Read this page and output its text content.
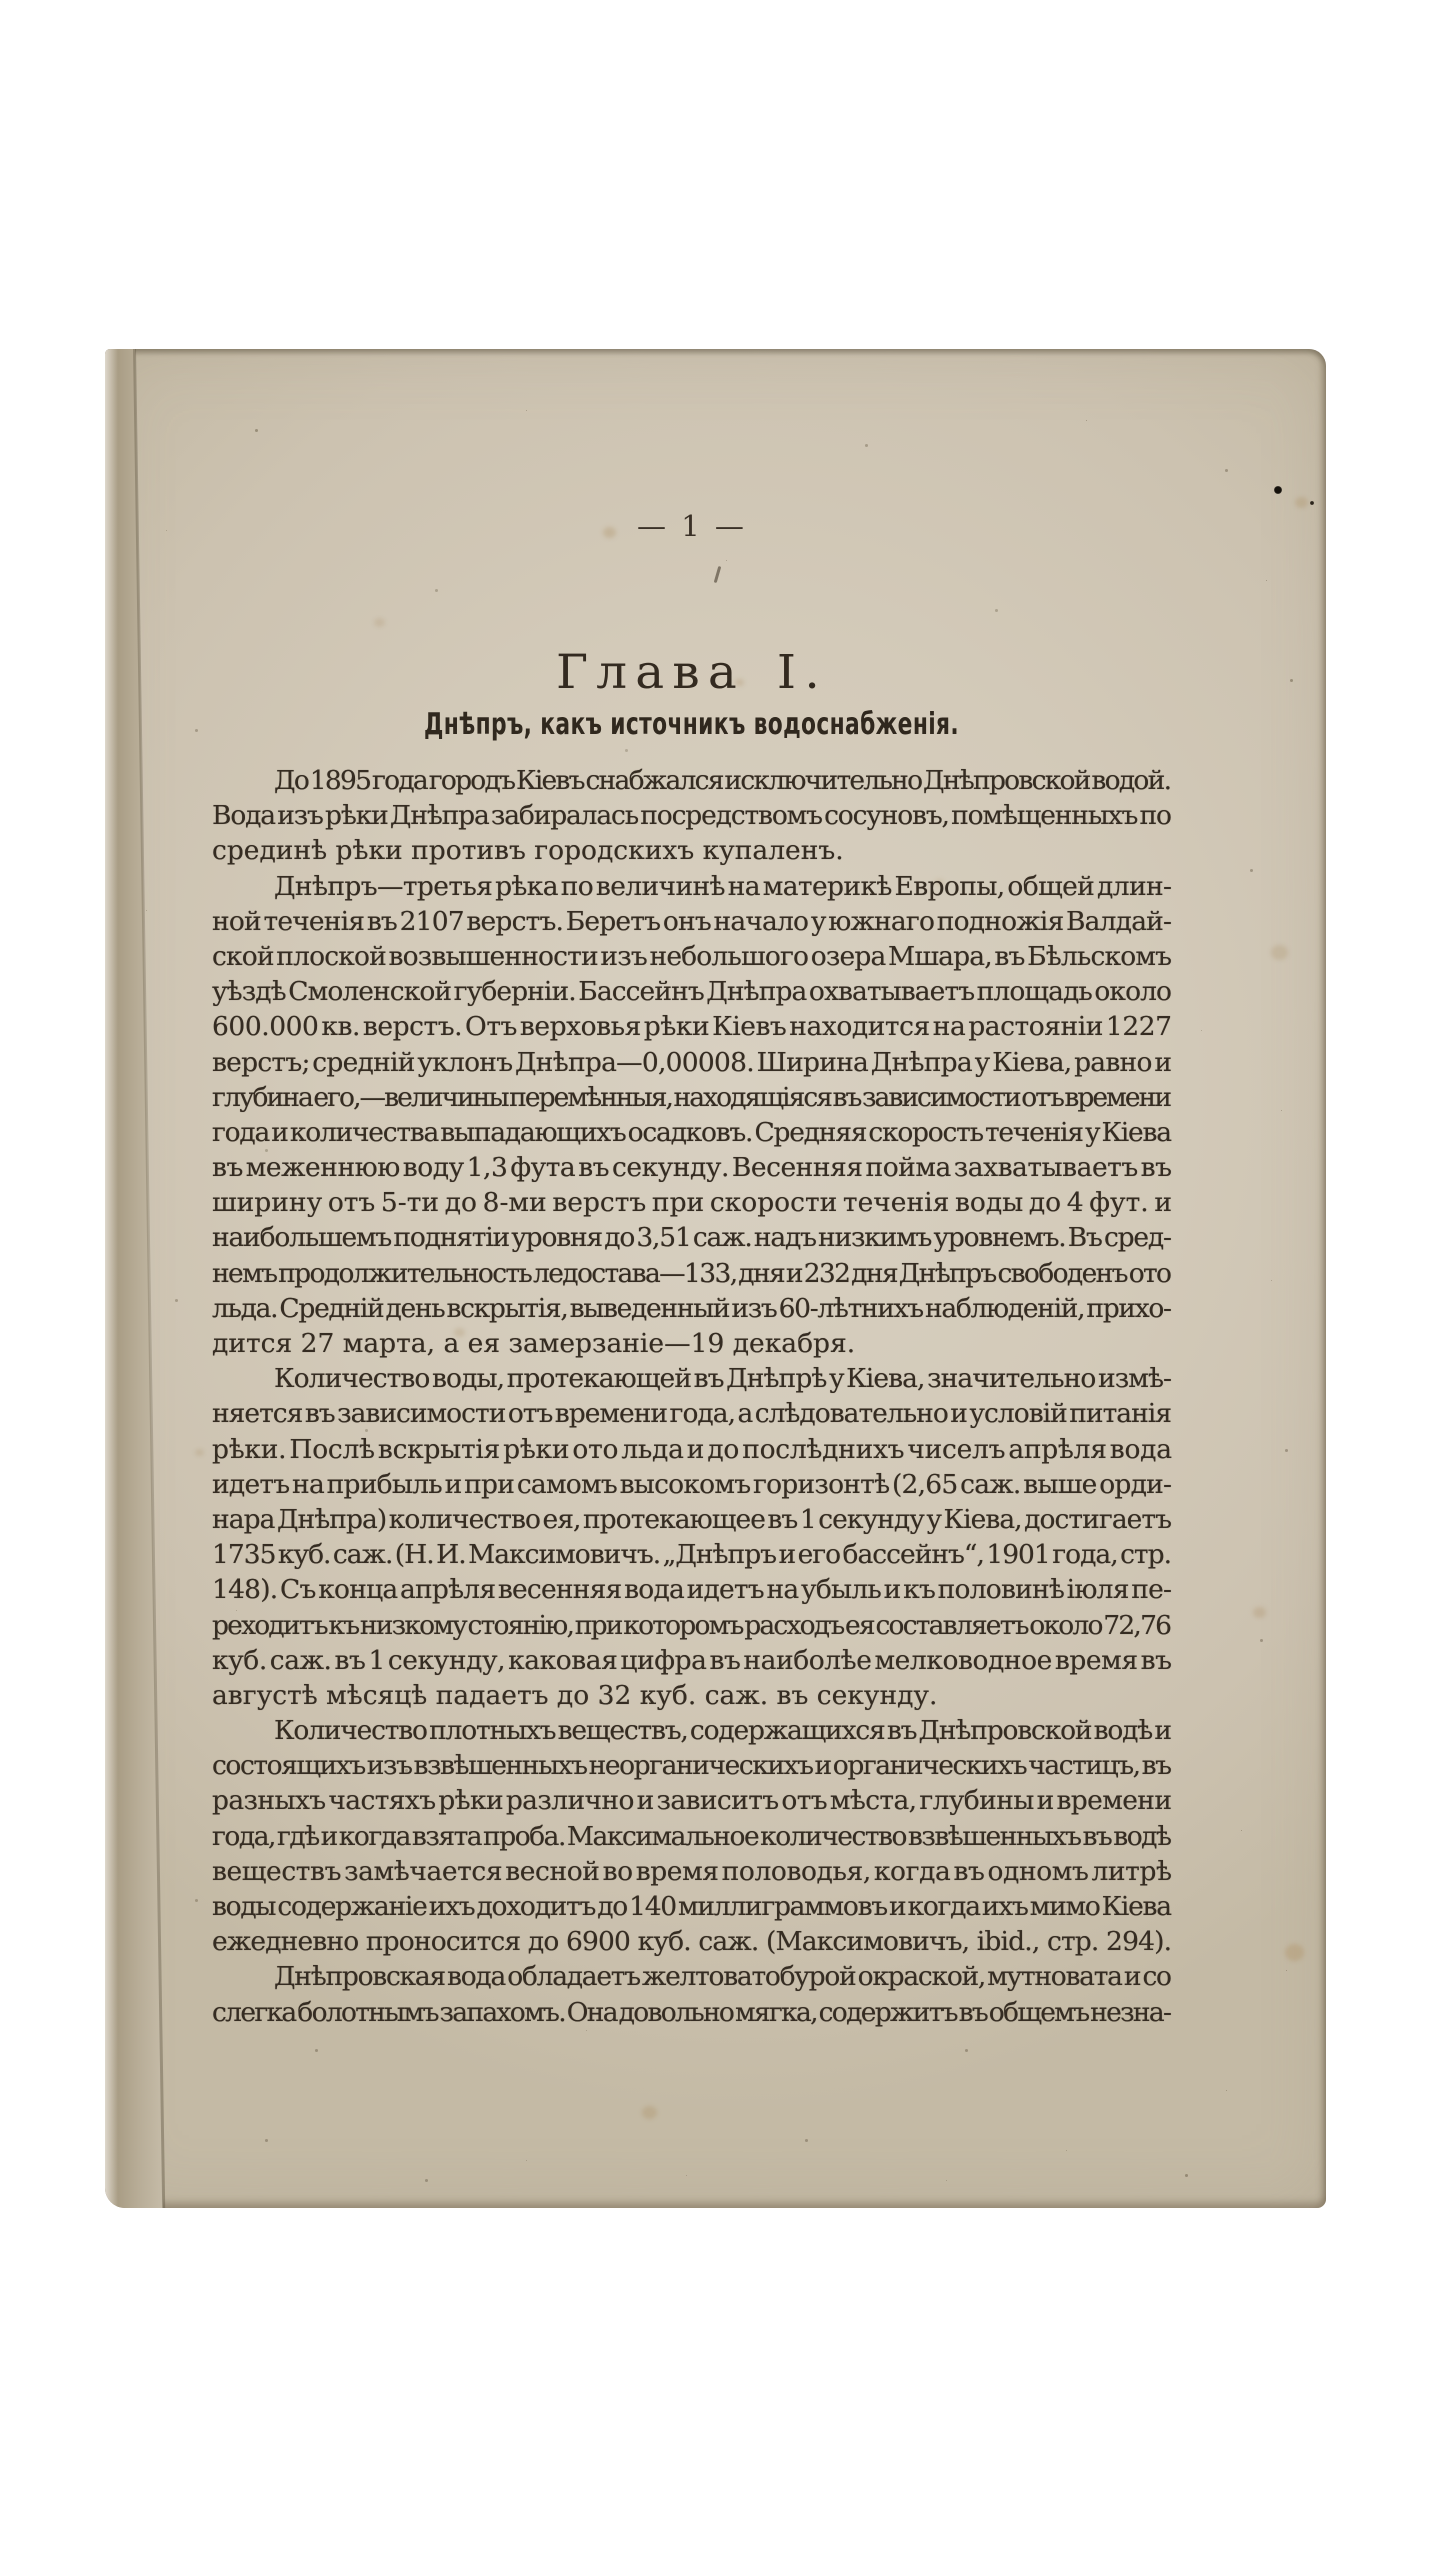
— 1 —
Глава I.
Днѣпръ, какъ источникъ водоснабженія.
До 1895 года городъ Кіевъ снабжался исключительно Днѣпровской водой.
Вода изъ рѣки Днѣпра забиралась посредствомъ сосуновъ, помѣщенныхъ по
срединѣ рѣки противъ городскихъ купаленъ.
Днѣпръ—третья рѣка по величинѣ на материкѣ Европы, общей длин-
ной теченія въ 2107 верстъ. Беретъ онъ начало у южнаго подножія Валдай-
ской плоской возвышенности изъ небольшого озера Мшара, въ Бѣльскомъ
уѣздѣ Смоленской губерніи. Бассейнъ Днѣпра охватываетъ площадь около
600.000 кв. верстъ. Отъ верховья рѣки Кіевъ находится на растояніи 1227
верстъ; средній уклонъ Днѣпра—0,00008. Ширина Днѣпра у Кіева, равно и
глубина его,—величины перемѣнныя, находящіяся въ зависимости отъ времени
года и количества выпадающихъ осадковъ. Средняя скорость теченія у Кіева
въ меженнюю воду 1,3 фута въ секунду. Весенняя пойма захватываетъ въ
ширину отъ 5-ти до 8-ми верстъ при скорости теченія воды до 4 фут. и
наибольшемъ поднятіи уровня до 3,51 саж. надъ низкимъ уровнемъ. Въ сред-
немъ продолжительность ледостава—133, дня и 232 дня Днѣпръ свободенъ ото
льда. Средній день вскрытія, выведенный изъ 60-лѣтнихъ наблюденій, прихо-
дится 27 марта, а ея замерзаніе—19 декабря.
Количество воды, протекающей въ Днѣпрѣ у Кіева, значительно измѣ-
няется въ зависимости отъ времени года, а слѣдовательно и условій питанія
рѣки. Послѣ вскрытія рѣки ото льда и до послѣднихъ чиселъ апрѣля вода
идетъ на прибыль и при самомъ высокомъ горизонтѣ (2,65 саж. выше орди-
нара Днѣпра) количество ея, протекающее въ 1 секунду у Кіева, достигаетъ
1735 куб. саж. (Н. И. Максимовичъ. „Днѣпръ и его бассейнъ“, 1901 года, стр.
148). Съ конца апрѣля весенняя вода идетъ на убыль и къ половинѣ іюля пе-
реходитъ къ низкому стоянію, при которомъ расходъ ея составляетъ около 72,76
куб. саж. въ 1 секунду, каковая цифра въ наиболѣе мелководное время въ
августѣ мѣсяцѣ падаетъ до 32 куб. саж. въ секунду.
Количество плотныхъ веществъ, содержащихся въ Днѣпровской водѣ и
состоящихъ изъ взвѣшенныхъ неорганическихъ и органическихъ частицъ, въ
разныхъ частяхъ рѣки различно и зависитъ отъ мѣста, глубины и времени
года, гдѣ и когда взята проба. Максимальное количество взвѣшенныхъ въ водѣ
веществъ замѣчается весной во время половодья, когда въ одномъ литрѣ
воды содержаніе ихъ доходитъ до 140 миллиграммовъ и когда ихъ мимо Кіева
ежедневно проносится до 6900 куб. саж. (Максимовичъ, ibid., стр. 294).
Днѣпровская вода обладаетъ желтоватобурой окраской, мутновата и со
слегка болотнымъ запахомъ. Она довольно мягка, содержитъ въ общемъ незна-
